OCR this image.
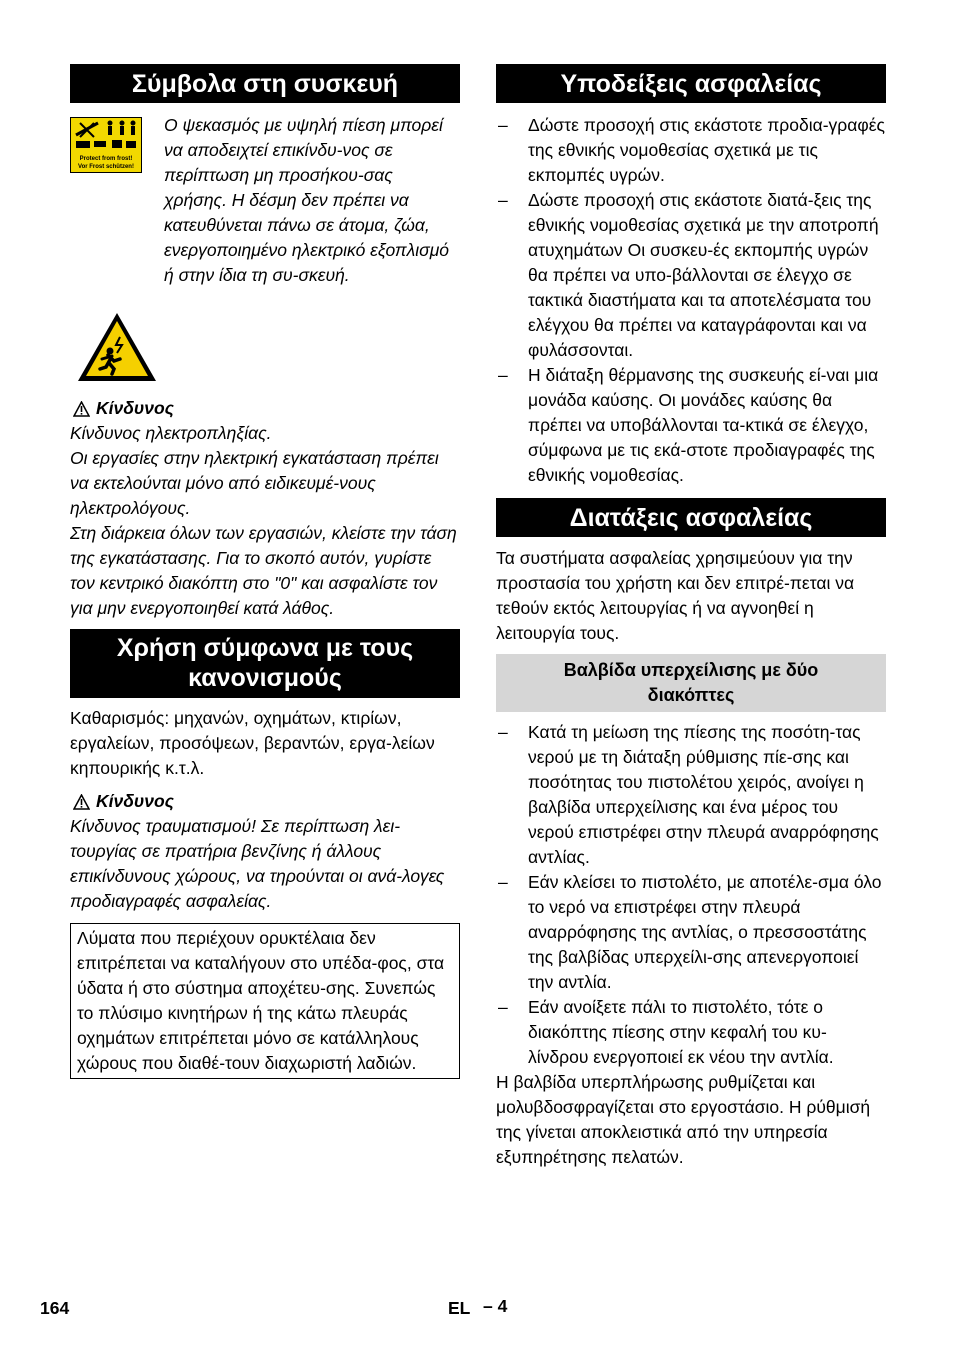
Σύμβολα στη συσκευή
Protect from frost!
Vor Frost schützen!

Ο ψεκασμός με υψηλή πίεση μπορεί να αποδειχτεί επικίνδυ-νος σε περίπτωση μη προσήκου-σας χρήσης. Η δέσμη δεν πρέπει να κατευθύνεται πάνω σε άτομα, ζώα, ενεργοποιημένο ηλεκτρικό εξοπλισμό ή στην ίδια τη συ-σκευή.

Κίνδυνος

Κίνδυνος ηλεκτροπληξίας.

Οι εργασίες στην ηλεκτρική εγκατάσταση πρέπει να εκτελούνται μόνο από ειδικευμέ-νους ηλεκτρολόγους.

Στη διάρκεια όλων των εργασιών, κλείστε την τάση της εγκατάστασης. Για το σκοπό αυτόν, γυρίστε τον κεντρικό διακόπτη στο "0" και ασφαλίστε τον για μην ενεργοποιηθεί κατά λάθος.

Χρήση σύμφωνα με τους
κανονισμούς

Καθαρισμός: μηχανών, οχημάτων, κτιρίων, εργαλείων, προσόψεων, βεραντών, εργα-λείων κηπουρικής κ.τ.λ.

Κίνδυνος

Κίνδυνος τραυματισμού! Σε περίπτωση λει-τουργίας σε πρατήρια βενζίνης ή άλλους επικίνδυνους χώρους, να τηρούνται οι ανά-λογες προδιαγραφές ασφαλείας.

Λύματα που περιέχουν ορυκτέλαια δεν επιτρέπεται να καταλήγουν στο υπέδα-φος, στα ύδατα ή στο σύστημα αποχέτευ-σης. Συνεπώς το πλύσιμο κινητήρων ή της κάτω πλευράς οχημάτων επιτρέπεται μόνο σε κατάλληλους χώρους που διαθέ-τουν διαχωριστή λαδιών.

Υποδείξεις ασφαλείας
– Δώστε προσοχή στις εκάστοτε προδια-γραφές της εθνικής νομοθεσίας σχετικά με τις εκπομπές υγρών.
– Δώστε προσοχή στις εκάστοτε διατά-ξεις της εθνικής νομοθεσίας σχετικά με την αποτροπή ατυχημάτων Οι συσκευ-ές εκπομπής υγρών θα πρέπει να υπο-βάλλονται σε έλεγχο σε τακτικά διαστήματα και τα αποτελέσματα του ελέγχου θα πρέπει να καταγράφονται και να φυλάσσονται.
– Η διάταξη θέρμανσης της συσκευής εί-ναι μια μονάδα καύσης. Οι μονάδες καύσης θα πρέπει να υποβάλλονται τα-κτικά σε έλεγχο, σύμφωνα με τις εκά-στοτε προδιαγραφές της εθνικής νομοθεσίας.
Διατάξεις ασφαλείας

Τα συστήματα ασφαλείας χρησιμεύουν για την προστασία του χρήστη και δεν επιτρέ-πεται να τεθούν εκτός λειτουργίας ή να αγνοηθεί η λειτουργία τους.

Βαλβίδα υπερχείλισης με δύο
διακόπτες
– Κατά τη μείωση της πίεσης της ποσότη-τας νερού με τη διάταξη ρύθμισης πίε-σης και ποσότητας του πιστολέτου χειρός, ανοίγει η βαλβίδα υπερχείλισης και ένα μέρος του νερού επιστρέφει στην πλευρά αναρρόφησης αντλίας.
– Εάν κλείσει το πιστολέτο, με αποτέλε-σμα όλο το νερό να επιστρέφει στην πλευρά αναρρόφησης της αντλίας, ο πρεσσοστάτης της βαλβίδας υπερχείλι-σης απενεργοποιεί την αντλία.
– Εάν ανοίξετε πάλι το πιστολέτο, τότε ο διακόπτης πίεσης στην κεφαλή του κυ-λίνδρου ενεργοποιεί εκ νέου την αντλία.

Η βαλβίδα υπερπλήρωσης ρυθμίζεται και μολυβδοσφραγίζεται στο εργοστάσιο. Η ρύθμισή της γίνεται αποκλειστικά από την υπηρεσία εξυπηρέτησης πελατών.

164	EL – 4
